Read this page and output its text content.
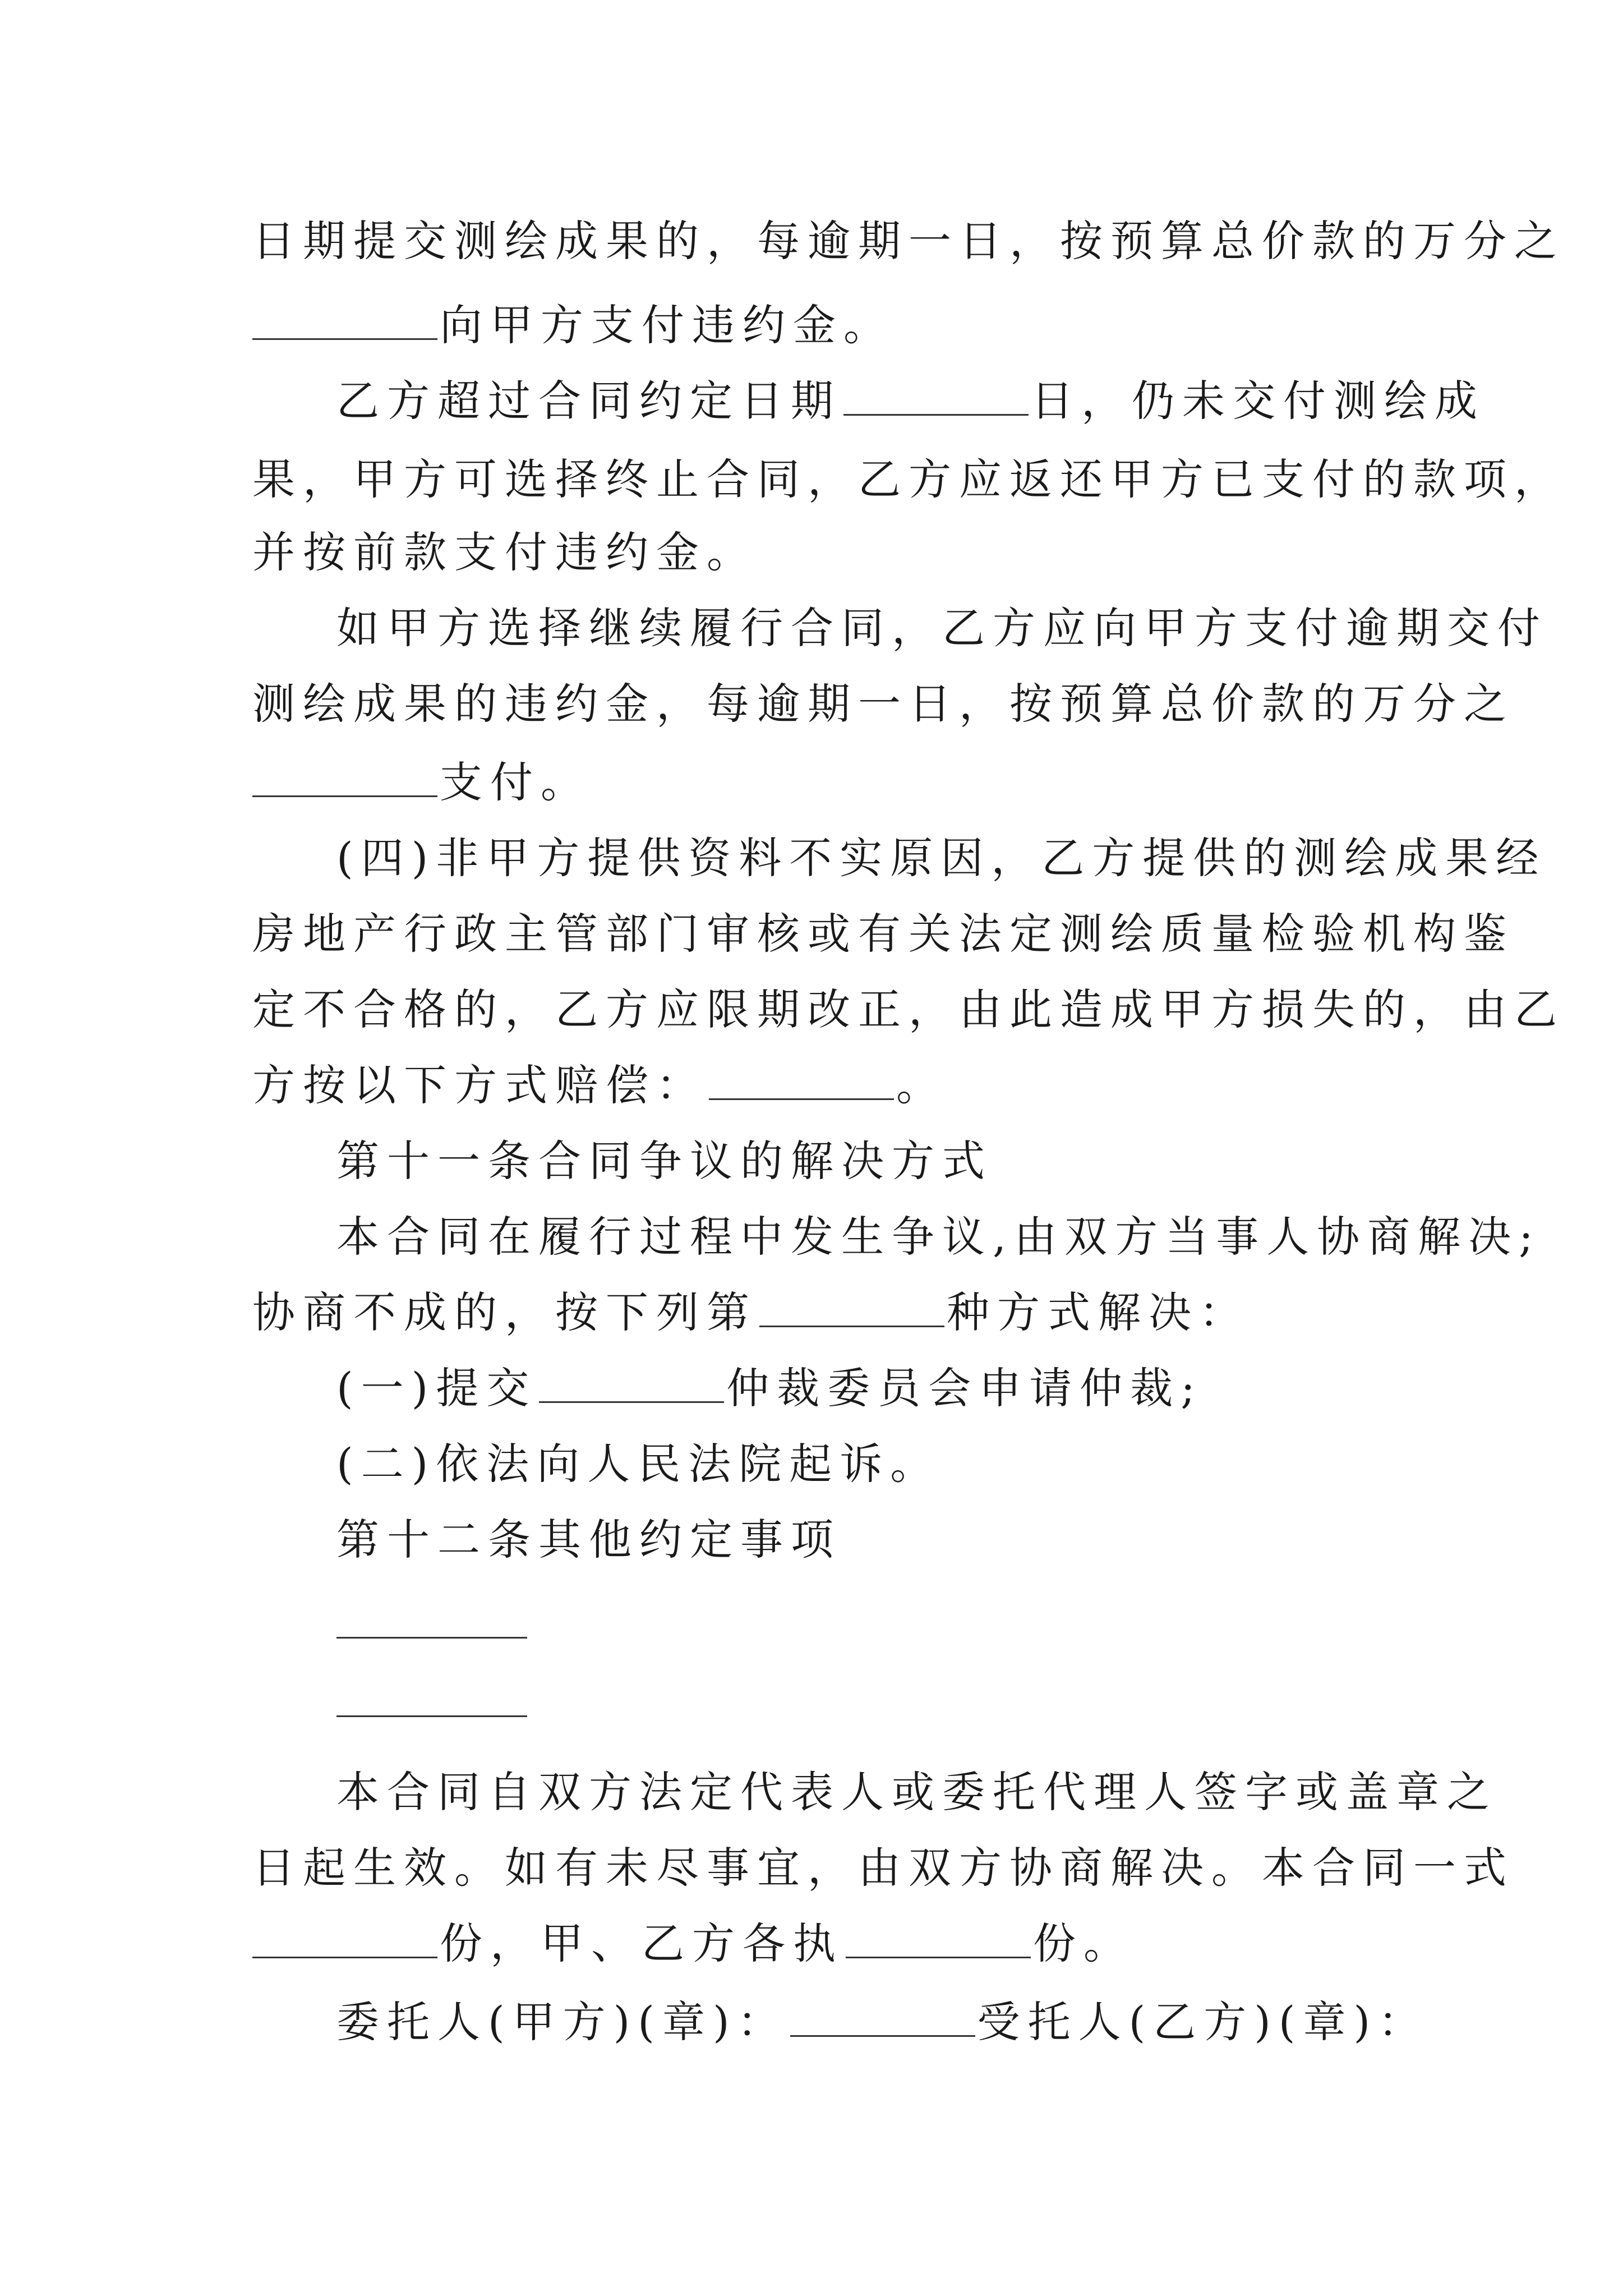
日期提交测绘成果的，每逾期一日，按预算总价款的万分之
向甲方支付违约金。
乙方超过合同约定日期	日，仍未交付测绘成
果，甲方可选择终止合同，乙方应返还甲方已支付的款项，
并按前款支付违约金。
如甲方选择继续履行合同，乙方应向甲方支付逾期交付
测绘成果的违约金，每逾期一日，按预算总价款的万分之
支付。
(四)非甲方提供资料不实原因，乙方提供的测绘成果经
房地产行政主管部门审核或有关法定测绘质量检验机构鉴
定不合格的，乙方应限期改正，由此造成甲方损失的，由乙
方按以下方式赔偿：	。
第十一条合同争议的解决方式
本合同在履行过程中发生争议,由双方当事人协商解决;
协商不成的，按下列第	种方式解决：
(一)提交	仲裁委员会申请仲裁;
(二)依法向人民法院起诉。
第十二条其他约定事项
本合同自双方法定代表人或委托代理人签字或盖章之
日起生效。如有未尽事宜，由双方协商解决。本合同一式
份，甲、乙方各执	份。
委托人(甲方)(章)：	受托人(乙方)(章)：
